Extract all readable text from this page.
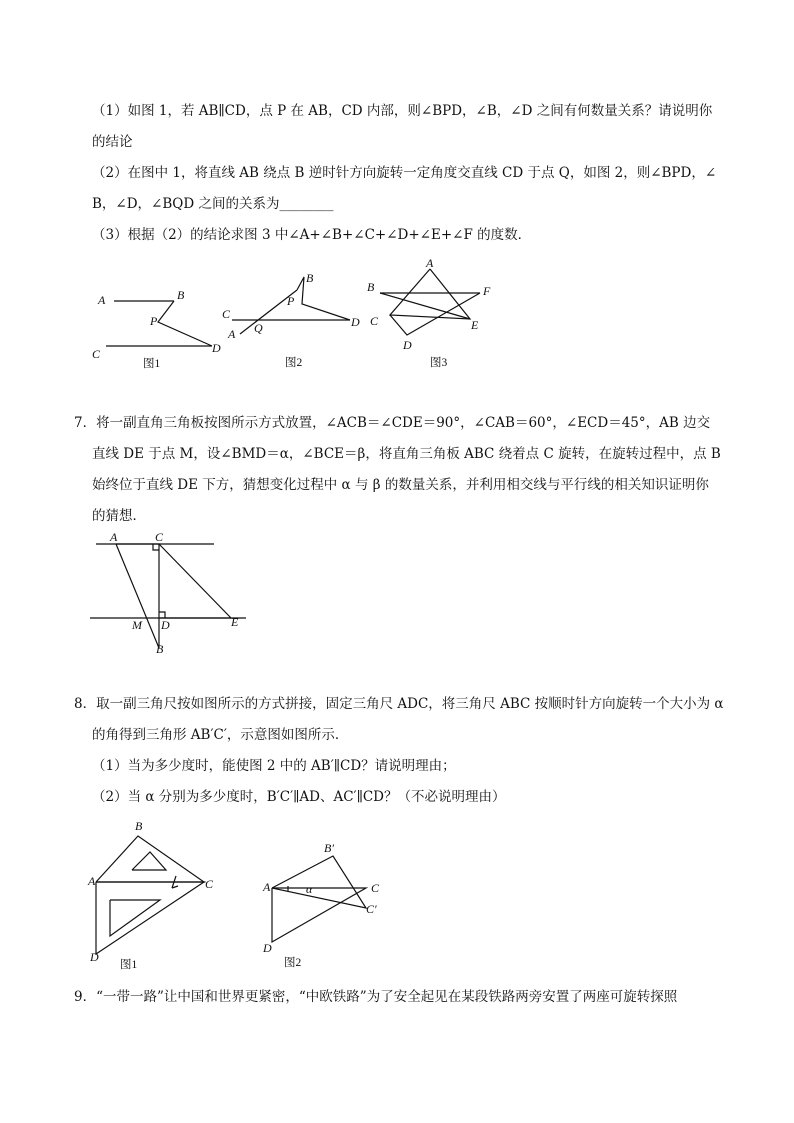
（1）如图 1，若 AB∥CD，点 P 在 AB，CD 内部，则∠BPD，∠B，∠D 之间有何数量关系？请说明你
的结论
（2）在图中 1，将直线 AB 绕点 B 逆时针方向旋转一定角度交直线 CD 于点 Q，如图 2，则∠BPD，∠
B，∠D，∠BQD 之间的关系为________
（3）根据（2）的结论求图 3 中∠A+∠B+∠C+∠D+∠E+∠F 的度数．
A	B
P
C	D
图1
B
P
C
D
A Q
图2
A
B	F
C	E
D
图3
7．将一副直角三角板按图所示方式放置，∠ACB＝∠CDE＝90°，∠CAB＝60°，∠ECD＝45°，AB 边交
直线 DE 于点 M，设∠BMD＝α，∠BCE＝β，将直角三角板 ABC 绕着点 C 旋转，在旋转过程中，点 B
始终位于直线 DE 下方，猜想变化过程中 α 与 β 的数量关系，并利用相交线与平行线的相关知识证明你
的猜想．
A	C
M D	E
B
8．取一副三角尺按如图所示的方式拼接，固定三角尺 ADC，将三角尺 ABC 按顺时针方向旋转一个大小为 α
的角得到三角形 AB′C′，示意图如图所示．
（1）当为多少度时，能使图 2 中的 AB′∥CD？请说明理由；
（2）当 α 分别为多少度时，B′C′∥AD、AC′∥CD？（不必说明理由）
B
A	C
D
图1
B′
A	α	C
C′
D
图2
9．“一带一路”让中国和世界更紧密，“中欧铁路”为了安全起见在某段铁路两旁安置了两座可旋转探照
